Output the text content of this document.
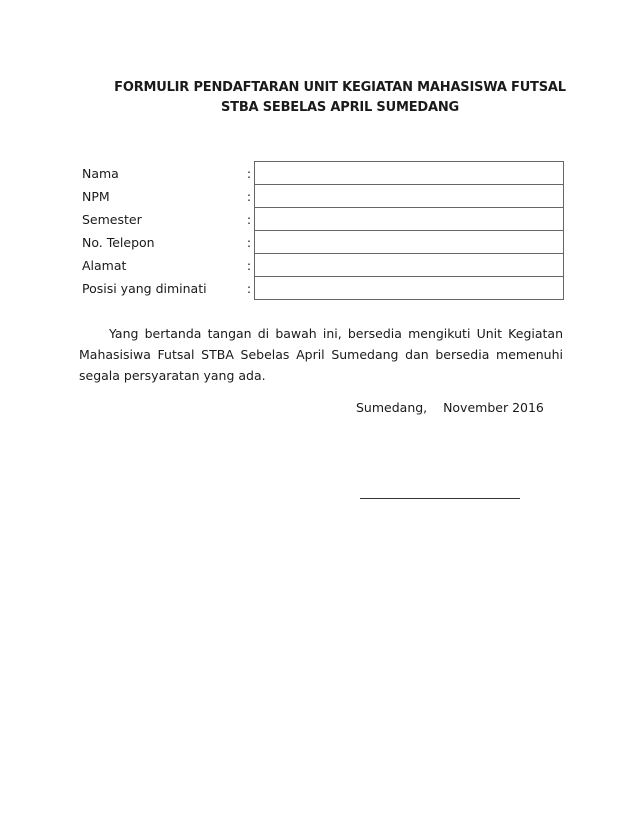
FORMULIR PENDAFTARAN UNIT KEGIATAN MAHASISWA FUTSAL
STBA SEBELAS APRIL SUMEDANG
Nama	:	

NPM	:	

Semester	:	

No. Telepon	:	

Alamat	:	

Posisi yang diminati	:	
Yang bertanda tangan di bawah ini, bersedia mengikuti Unit Kegiatan Mahasisiwa Futsal STBA Sebelas April Sumedang dan bersedia memenuhi segala persyaratan yang ada.
Sumedang, November 2016
